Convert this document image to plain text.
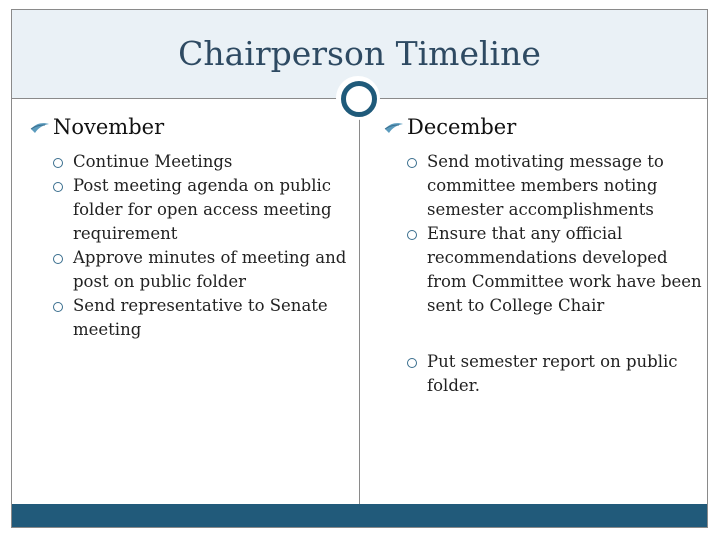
Chairperson Timeline
November
Continue Meetings
Post meeting agenda on public folder for open access meeting requirement
Approve minutes of meeting and post on public folder
Send representative to Senate meeting
December
Send motivating message to committee members noting semester accomplishments
Ensure that any official recommendations developed from Committee work have been sent to College Chair
Put semester report on public folder.
